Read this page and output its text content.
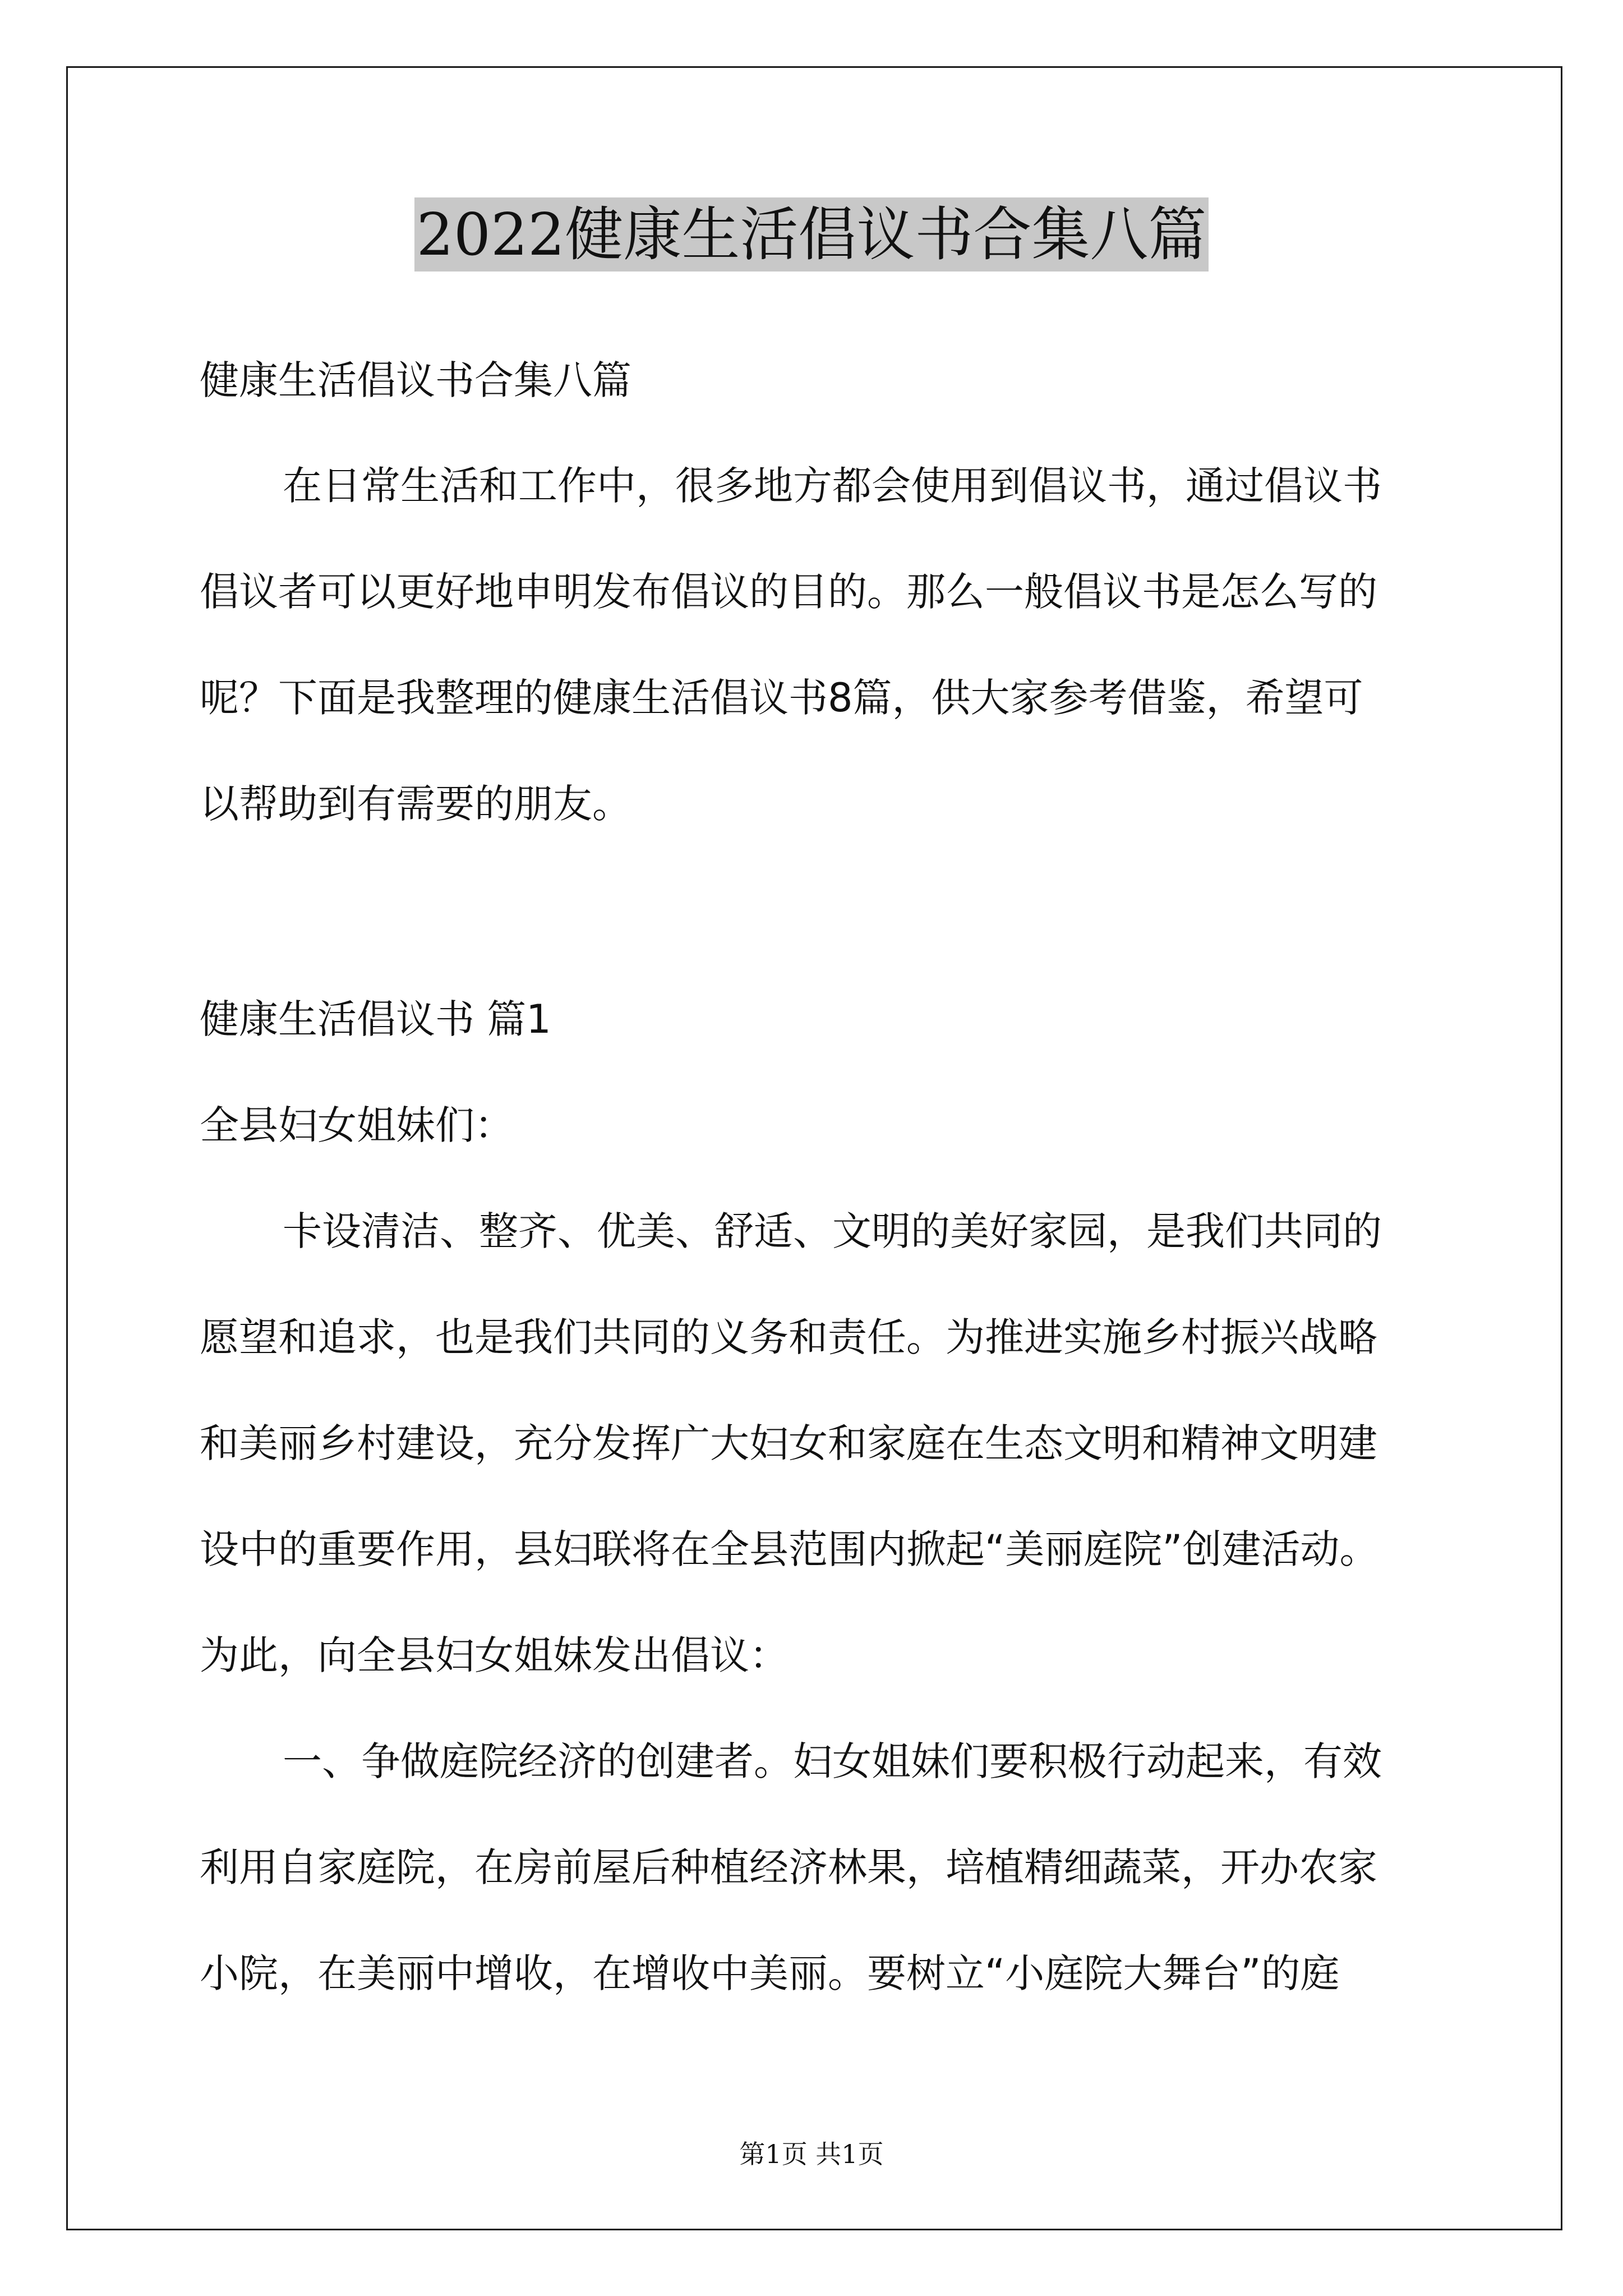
2022健康生活倡议书合集八篇
健康生活倡议书合集八篇
在日常生活和工作中，很多地方都会使用到倡议书，通过倡议书
倡议者可以更好地申明发布倡议的目的。那么一般倡议书是怎么写的
呢？下面是我整理的健康生活倡议书8篇，供大家参考借鉴，希望可
以帮助到有需要的朋友。
健康生活倡议书 篇1
全县妇女姐妹们：
卡设清洁、整齐、优美、舒适、文明的美好家园，是我们共同的
愿望和追求，也是我们共同的义务和责任。为推进实施乡村振兴战略
和美丽乡村建设，充分发挥广大妇女和家庭在生态文明和精神文明建
设中的重要作用，县妇联将在全县范围内掀起“美丽庭院”创建活动。
为此，向全县妇女姐妹发出倡议：
一、争做庭院经济的创建者。妇女姐妹们要积极行动起来，有效
利用自家庭院，在房前屋后种植经济林果，培植精细蔬菜，开办农家
小院，在美丽中增收，在增收中美丽。要树立“小庭院大舞台”的庭
第1页 共1页
